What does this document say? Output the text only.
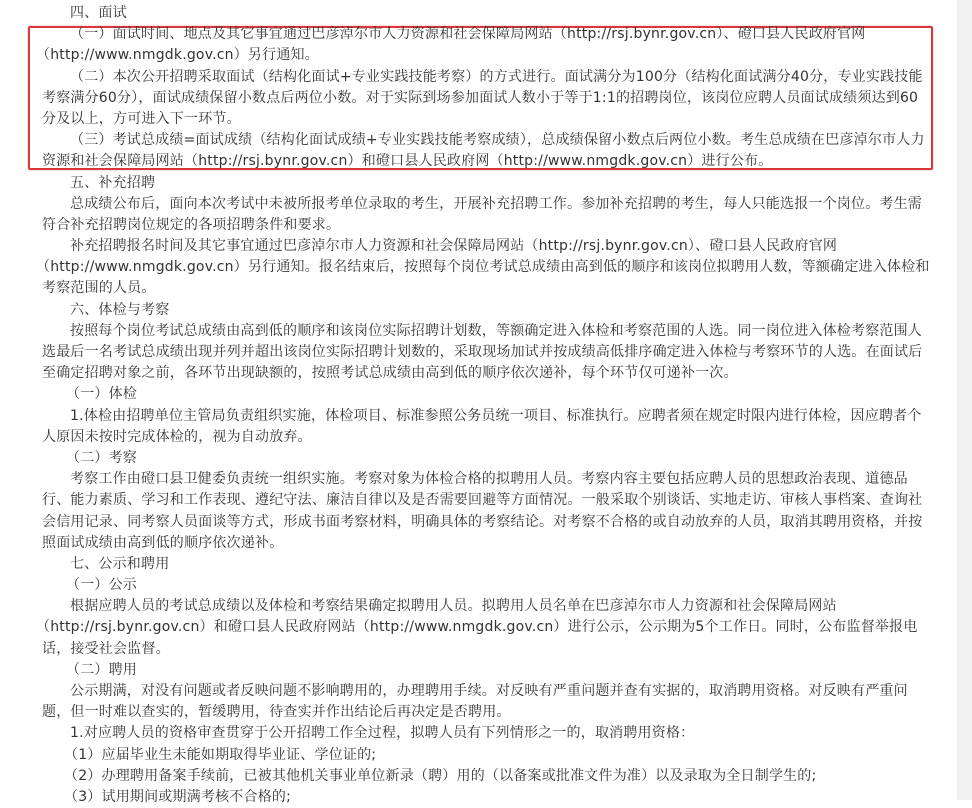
四、面试
（一）面试时间、地点及其它事宜通过巴彦淖尔市人力资源和社会保障局网站（http://rsj.bynr.gov.cn）、磴口县人民政府官网
（http://www.nmgdk.gov.cn）另行通知。
（二）本次公开招聘采取面试（结构化面试+专业实践技能考察）的方式进行。面试满分为100分（结构化面试满分40分，专业实践技能
考察满分60分），面试成绩保留小数点后两位小数。对于实际到场参加面试人数小于等于1:1的招聘岗位，该岗位应聘人员面试成绩须达到60
分及以上，方可进入下一环节。
（三）考试总成绩=面试成绩（结构化面试成绩+专业实践技能考察成绩），总成绩保留小数点后两位小数。考生总成绩在巴彦淖尔市人力
资源和社会保障局网站（http://rsj.bynr.gov.cn）和磴口县人民政府网（http://www.nmgdk.gov.cn）进行公布。
五、补充招聘
总成绩公布后，面向本次考试中未被所报考单位录取的考生，开展补充招聘工作。参加补充招聘的考生，每人只能选报一个岗位。考生需
符合补充招聘岗位规定的各项招聘条件和要求。
补充招聘报名时间及其它事宜通过巴彦淖尔市人力资源和社会保障局网站（http://rsj.bynr.gov.cn）、磴口县人民政府官网
（http://www.nmgdk.gov.cn）另行通知。报名结束后，按照每个岗位考试总成绩由高到低的顺序和该岗位拟聘用人数，等额确定进入体检和
考察范围的人员。
六、体检与考察
按照每个岗位考试总成绩由高到低的顺序和该岗位实际招聘计划数，等额确定进入体检和考察范围的人选。同一岗位进入体检考察范围人
选最后一名考试总成绩出现并列并超出该岗位实际招聘计划数的，采取现场加试并按成绩高低排序确定进入体检与考察环节的人选。在面试后
至确定招聘对象之前，各环节出现缺额的，按照考试总成绩由高到低的顺序依次递补，每个环节仅可递补一次。
（一）体检
1.体检由招聘单位主管局负责组织实施，体检项目、标准参照公务员统一项目、标准执行。应聘者须在规定时限内进行体检，因应聘者个
人原因未按时完成体检的，视为自动放弃。
（二）考察
考察工作由磴口县卫健委负责统一组织实施。考察对象为体检合格的拟聘用人员。考察内容主要包括应聘人员的思想政治表现、道德品
行、能力素质、学习和工作表现、遵纪守法、廉洁自律以及是否需要回避等方面情况。一般采取个别谈话、实地走访、审核人事档案、查询社
会信用记录、同考察人员面谈等方式，形成书面考察材料，明确具体的考察结论。对考察不合格的或自动放弃的人员，取消其聘用资格，并按
照面试成绩由高到低的顺序依次递补。
七、公示和聘用
（一）公示
根据应聘人员的考试总成绩以及体检和考察结果确定拟聘用人员。拟聘用人员名单在巴彦淖尔市人力资源和社会保障局网站
（http://rsj.bynr.gov.cn）和磴口县人民政府网站（http://www.nmgdk.gov.cn）进行公示，公示期为5个工作日。同时，公布监督举报电
话，接受社会监督。
（二）聘用
公示期满，对没有问题或者反映问题不影响聘用的，办理聘用手续。对反映有严重问题并查有实据的，取消聘用资格。对反映有严重问
题，但一时难以查实的，暂缓聘用，待查实并作出结论后再决定是否聘用。
1.对应聘人员的资格审查贯穿于公开招聘工作全过程，拟聘人员有下列情形之一的，取消聘用资格：
（1）应届毕业生未能如期取得毕业证、学位证的;
（2）办理聘用备案手续前，已被其他机关事业单位新录（聘）用的（以备案或批准文件为准）以及录取为全日制学生的;
（3）试用期间或期满考核不合格的;
